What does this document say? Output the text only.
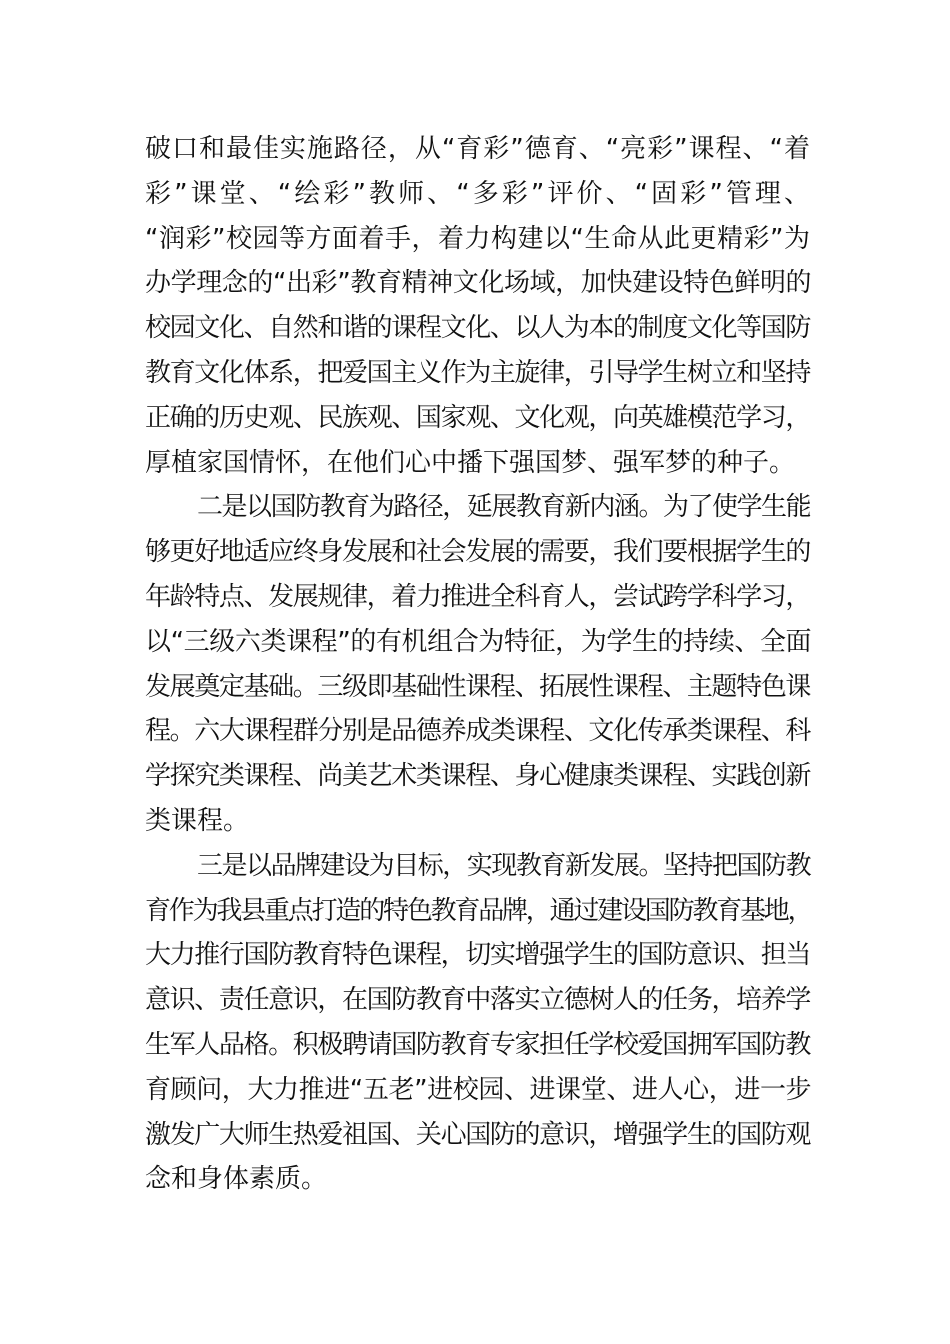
破口和最佳实施路径，从“育彩”德育、“亮彩”课程、“着
彩”课堂、“绘彩”教师、“多彩”评价、“固彩”管理、
“润彩”校园等方面着手，着力构建以“生命从此更精彩”为
办学理念的“出彩”教育精神文化场域，加快建设特色鲜明的
校园文化、自然和谐的课程文化、以人为本的制度文化等国防
教育文化体系，把爱国主义作为主旋律，引导学生树立和坚持
正确的历史观、民族观、国家观、文化观，向英雄模范学习，
厚植家国情怀，在他们心中播下强国梦、强军梦的种子。
二是以国防教育为路径，延展教育新内涵。为了使学生能
够更好地适应终身发展和社会发展的需要，我们要根据学生的
年龄特点、发展规律，着力推进全科育人，尝试跨学科学习，
以“三级六类课程”的有机组合为特征，为学生的持续、全面
发展奠定基础。三级即基础性课程、拓展性课程、主题特色课
程。六大课程群分别是品德养成类课程、文化传承类课程、科
学探究类课程、尚美艺术类课程、身心健康类课程、实践创新
类课程。
三是以品牌建设为目标，实现教育新发展。坚持把国防教
育作为我县重点打造的特色教育品牌，通过建设国防教育基地，
大力推行国防教育特色课程，切实增强学生的国防意识、担当
意识、责任意识，在国防教育中落实立德树人的任务，培养学
生军人品格。积极聘请国防教育专家担任学校爱国拥军国防教
育顾问，大力推进“五老”进校园、进课堂、进人心，进一步
激发广大师生热爱祖国、关心国防的意识，增强学生的国防观
念和身体素质。
